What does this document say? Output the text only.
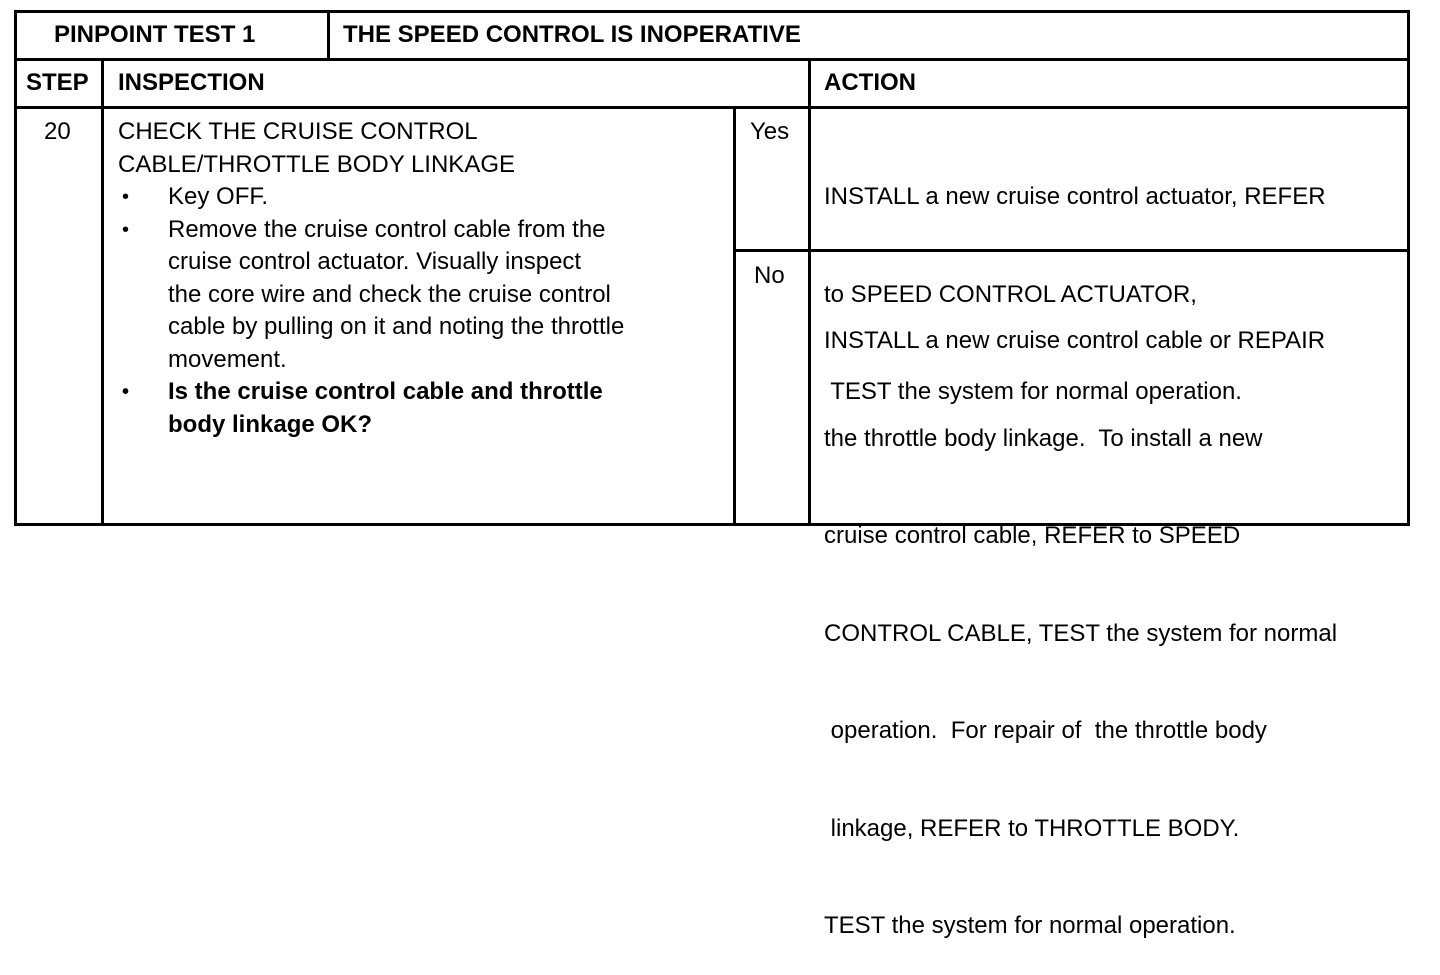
PINPOINT TEST 1	THE SPEED CONTROL IS INOPERATIVE
STEP INSPECTION	ACTION
20 CHECK THE CRUISE CONTROL
CABLE/THROTTLE BODY LINKAGE
• Key OFF.
• Remove the cruise control cable from the
cruise control actuator. Visually inspect
the core wire and check the cruise control
cable by pulling on it and noting the throttle
movement.
• Is the cruise control cable and throttle
body linkage OK?
Yes
No

INSTALL a new cruise control actuator, REFER

to SPEED CONTROL ACTUATOR,

TEST the system for normal operation.

INSTALL a new cruise control cable or REPAIR

the throttle body linkage.  To install a new

cruise control cable, REFER to SPEED

CONTROL CABLE, TEST the system for normal

operation.  For repair of  the throttle body

linkage, REFER to THROTTLE BODY.

TEST the system for normal operation.
